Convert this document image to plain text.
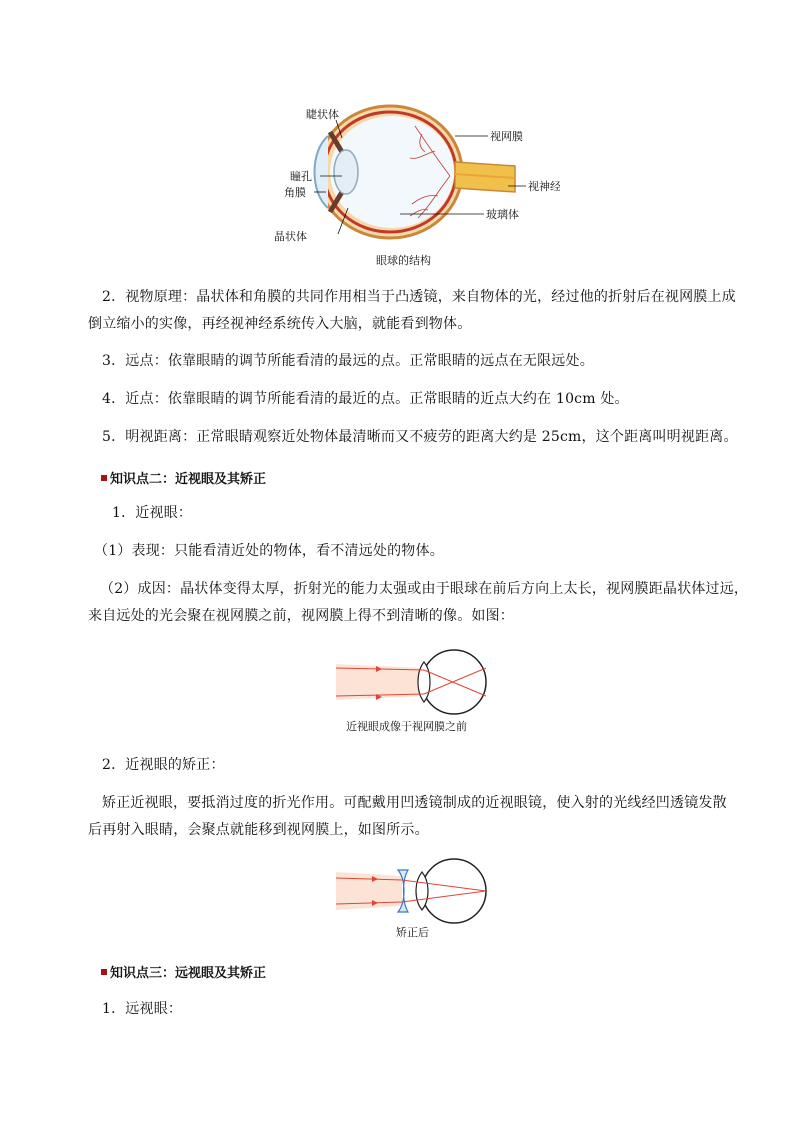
睫状体
瞳孔
角膜
晶状体
视网膜
视神经
玻璃体
眼球的结构
2．视物原理：晶状体和角膜的共同作用相当于凸透镜，来自物体的光，经过他的折射后在视网膜上成
倒立缩小的实像，再经视神经系统传入大脑，就能看到物体。
3．远点：依靠眼睛的调节所能看清的最远的点。正常眼睛的远点在无限远处。
4．近点：依靠眼睛的调节所能看清的最近的点。正常眼睛的近点大约在 10cm 处。
5．明视距离：正常眼睛观察近处物体最清晰而又不疲劳的距离大约是 25cm，这个距离叫明视距离。
知识点二：近视眼及其矫正
1．近视眼：
（1）表现：只能看清近处的物体，看不清远处的物体。
（2）成因：晶状体变得太厚，折射光的能力太强或由于眼球在前后方向上太长，视网膜距晶状体过远，
来自远处的光会聚在视网膜之前，视网膜上得不到清晰的像。如图：
近视眼成像于视网膜之前
2．近视眼的矫正：
矫正近视眼，要抵消过度的折光作用。可配戴用凹透镜制成的近视眼镜，使入射的光线经凹透镜发散
后再射入眼睛，会聚点就能移到视网膜上，如图所示。
矫正后
知识点三：远视眼及其矫正
1．远视眼：
